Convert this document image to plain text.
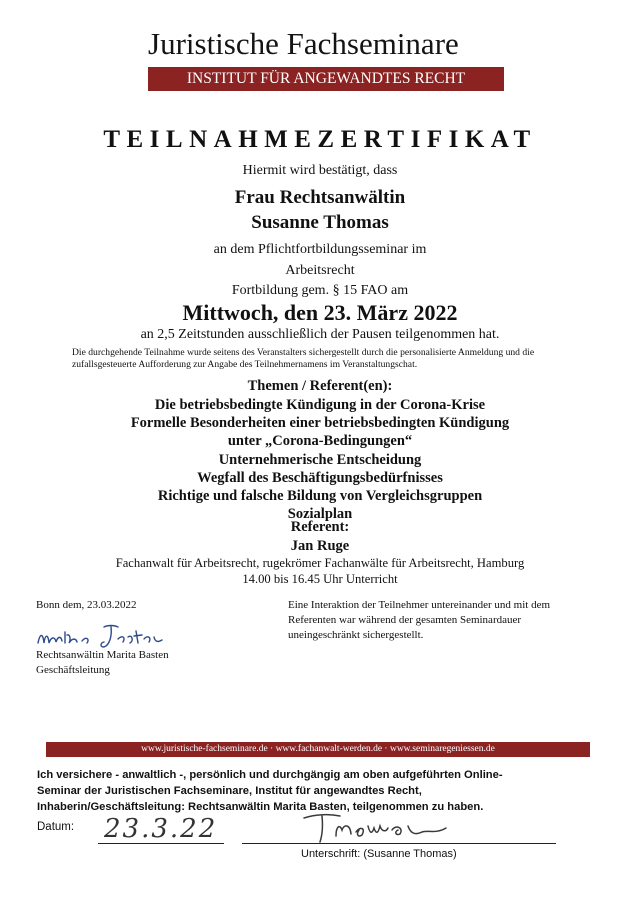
Juristische Fachseminare
INSTITUT FÜR ANGEWANDTES RECHT
TEILNAHMEZERTIFIKAT
Hiermit wird bestätigt, dass
Frau Rechtsanwältin
Susanne Thomas
an dem Pflichtfortbildungsseminar im
Arbeitsrecht
Fortbildung gem. § 15 FAO am
Mittwoch, den 23. März 2022
an 2,5 Zeitstunden ausschließlich der Pausen teilgenommen hat.
Die durchgehende Teilnahme wurde seitens des Veranstalters sichergestellt durch die personalisierte Anmeldung und die
zufallsgesteuerte Aufforderung zur Angabe des Teilnehmernamens im Veranstaltungschat.
Themen / Referent(en):
Die betriebsbedingte Kündigung in der Corona-Krise
Formelle Besonderheiten einer betriebsbedingten Kündigung
unter „Corona-Bedingungen“
Unternehmerische Entscheidung
Wegfall des Beschäftigungsbedürfnisses
Richtige und falsche Bildung von Vergleichsgruppen
Sozialplan
Referent:
Jan Ruge
Fachanwalt für Arbeitsrecht, rugekrömer Fachanwälte für Arbeitsrecht, Hamburg
14.00 bis 16.45 Uhr Unterricht
Bonn dem, 23.03.2022
Rechtsanwältin Marita Basten
Geschäftsleitung
Eine Interaktion der Teilnehmer untereinander und mit dem
Referenten war während der gesamten Seminardauer
uneingeschränkt sichergestellt.
www.juristische-fachseminare.de · www.fachanwalt-werden.de · www.seminaregeniessen.de
Ich versichere - anwaltlich -, persönlich und durchgängig am oben aufgeführten Online-
Seminar der Juristischen Fachseminare, Institut für angewandtes Recht,
Inhaberin/Geschäftsleitung: Rechtsanwältin Marita Basten, teilgenommen zu haben.
Datum: 23.3.22
Unterschrift: (Susanne Thomas)
